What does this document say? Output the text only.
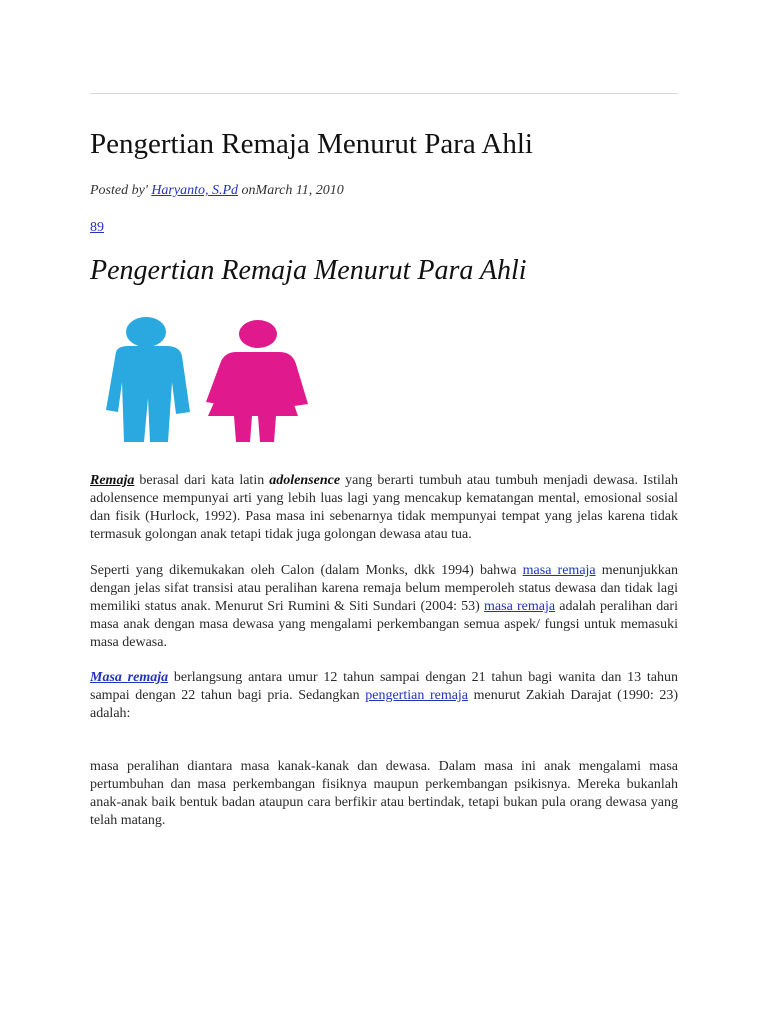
Pengertian Remaja Menurut Para Ahli
Posted by' Haryanto, S.Pd onMarch 11, 2010
89
Pengertian Remaja Menurut Para Ahli
Remaja berasal dari kata latin adolensence yang berarti tumbuh atau tumbuh menjadi dewasa. Istilah adolensence mempunyai arti yang lebih luas lagi yang mencakup kematangan mental, emosional sosial dan fisik (Hurlock, 1992). Pasa masa ini sebenarnya tidak mempunyai tempat yang jelas karena tidak termasuk golongan anak tetapi tidak juga golongan dewasa atau tua.
Seperti yang dikemukakan oleh Calon (dalam Monks, dkk 1994) bahwa masa remaja menunjukkan dengan jelas sifat transisi atau peralihan karena remaja belum memperoleh status dewasa dan tidak lagi memiliki status anak. Menurut Sri Rumini & Siti Sundari (2004: 53) masa remaja adalah peralihan dari masa anak dengan masa dewasa yang mengalami perkembangan semua aspek/ fungsi untuk memasuki masa dewasa.
Masa remaja berlangsung antara umur 12 tahun sampai dengan 21 tahun bagi wanita dan 13 tahun sampai dengan 22 tahun bagi pria. Sedangkan pengertian remaja menurut Zakiah Darajat (1990: 23) adalah:
masa peralihan diantara masa kanak-kanak dan dewasa. Dalam masa ini anak mengalami masa pertumbuhan dan masa perkembangan fisiknya maupun perkembangan psikisnya. Mereka bukanlah anak-anak baik bentuk badan ataupun cara berfikir atau bertindak, tetapi bukan pula orang dewasa yang telah matang.
